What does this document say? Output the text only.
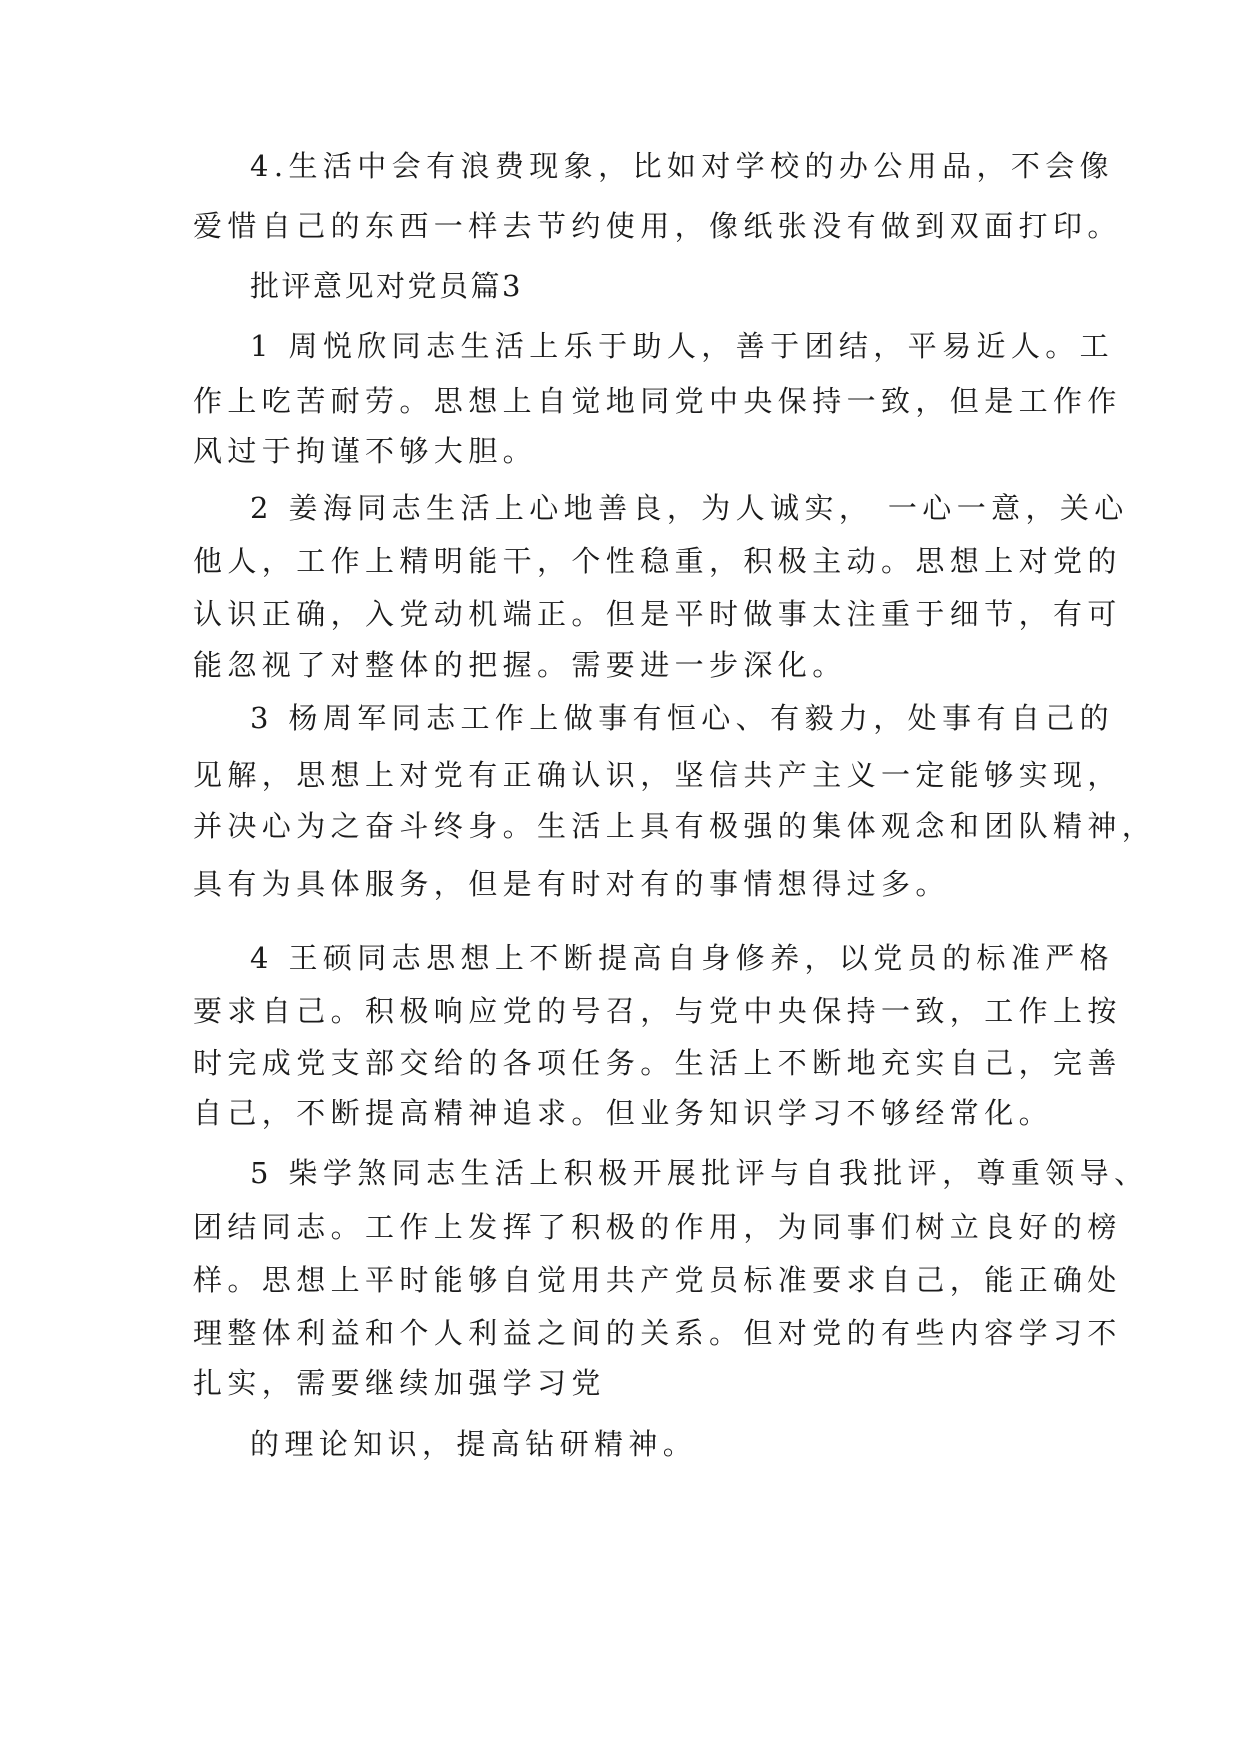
4.生活中会有浪费现象，比如对学校的办公用品，不会像
爱惜自己的东西一样去节约使用，像纸张没有做到双面打印。
批评意见对党员篇3
1 周悦欣同志生活上乐于助人，善于团结，平易近人。工
作上吃苦耐劳。思想上自觉地同党中央保持一致，但是工作作
风过于拘谨不够大胆。
2 姜海同志生活上心地善良，为人诚实， 一心一意，关心
他人，工作上精明能干，个性稳重，积极主动。思想上对党的
认识正确，入党动机端正。但是平时做事太注重于细节，有可
能忽视了对整体的把握。需要进一步深化。
3 杨周军同志工作上做事有恒心、有毅力，处事有自己的
见解，思想上对党有正确认识，坚信共产主义一定能够实现，
并决心为之奋斗终身。生活上具有极强的集体观念和团队精神，
具有为具体服务，但是有时对有的事情想得过多。
4 王硕同志思想上不断提高自身修养，以党员的标准严格
要求自己。积极响应党的号召，与党中央保持一致，工作上按
时完成党支部交给的各项任务。生活上不断地充实自己，完善
自己，不断提高精神追求。但业务知识学习不够经常化。
5 柴学煞同志生活上积极开展批评与自我批评，尊重领导、
团结同志。工作上发挥了积极的作用，为同事们树立良好的榜
样。思想上平时能够自觉用共产党员标准要求自己，能正确处
理整体利益和个人利益之间的关系。但对党的有些内容学习不
扎实，需要继续加强学习党
的理论知识，提高钻研精神。
